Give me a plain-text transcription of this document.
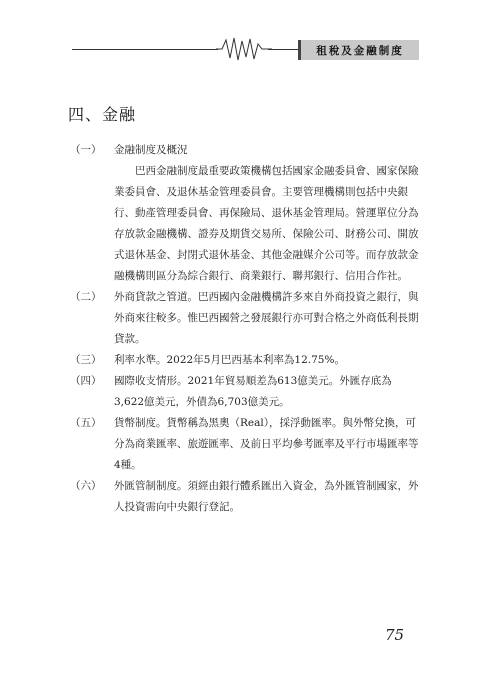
租稅及金融制度
四、金融
（一）	金融制度及概況
巴西金融制度最重要政策機構包括國家金融委員會、國家保險業委員會、及退休基金管理委員會。主要管理機構則包括中央銀行、動產管理委員會、再保險局、退休基金管理局。營運單位分為存放款金融機構、證券及期貨交易所、保險公司、財務公司、開放式退休基金、封閉式退休基金、其他金融媒介公司等。而存放款金融機構則區分為綜合銀行、商業銀行、聯邦銀行、信用合作社。
（二）	外商貸款之管道。巴西國內金融機構許多來自外商投資之銀行，與外商來往較多。惟巴西國營之發展銀行亦可對合格之外商低利長期貸款。
（三）	利率水準。2022年5月巴西基本利率為12.75%。
（四）	國際收支情形。2021年貿易順差為613億美元。外匯存底為3,622億美元，外債為6,703億美元。
（五）	貨幣制度。貨幣稱為黑奧（Real），採浮動匯率。與外幣兌換，可分為商業匯率、旅遊匯率、及前日平均參考匯率及平行市場匯率等4種。
（六）	外匯管制制度。須經由銀行體系匯出入資金，為外匯管制國家，外人投資需向中央銀行登記。
75
